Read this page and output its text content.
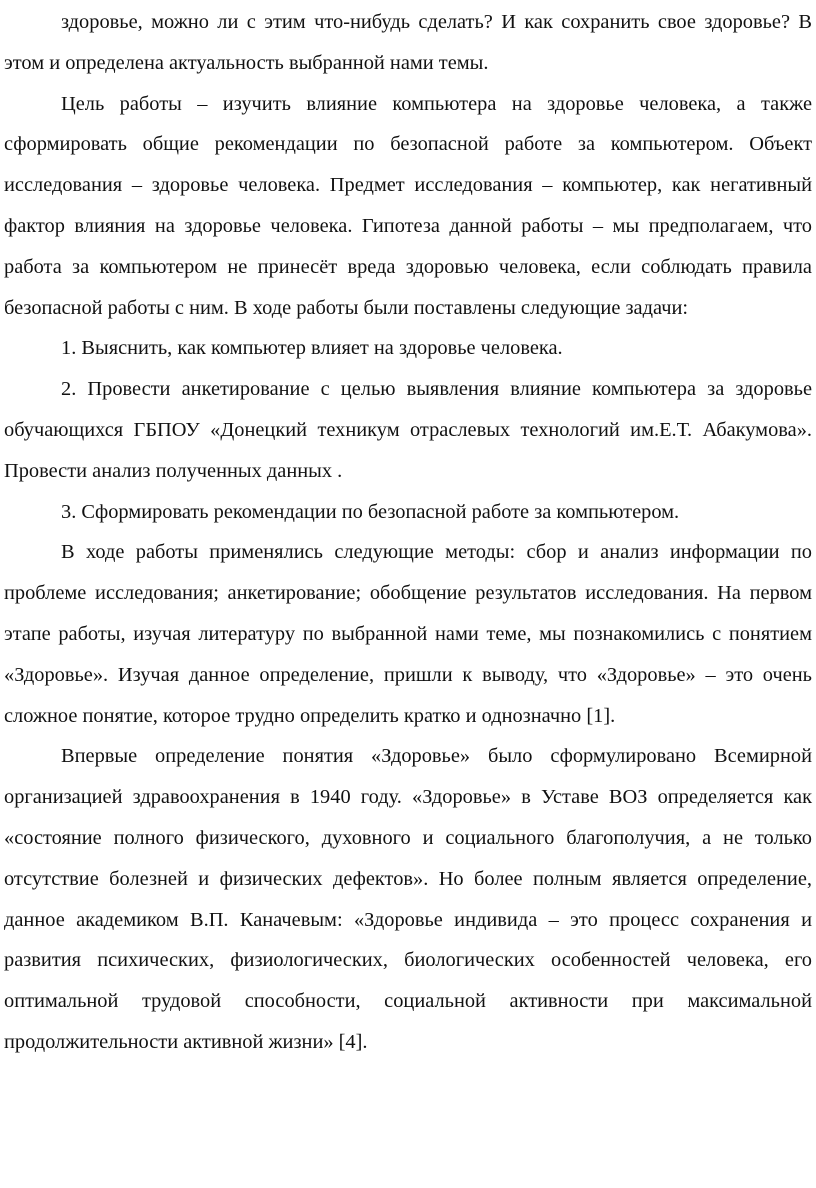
здоровье, можно ли с этим что-нибудь сделать? И как сохранить свое здоровье? В этом и определена актуальность выбранной нами темы.

Цель работы – изучить влияние компьютера на здоровье человека, а также сформировать общие рекомендации по безопасной работе за компьютером. Объект исследования – здоровье человека. Предмет исследования – компьютер, как негативный фактор влияния на здоровье человека. Гипотеза данной работы – мы предполагаем, что работа за компьютером не принесёт вреда здоровью человека, если соблюдать правила безопасной работы с ним. В ходе работы были поставлены следующие задачи:

1. Выяснить, как компьютер влияет на здоровье человека.

2. Провести анкетирование с целью выявления влияние компьютера за здоровье обучающихся ГБПОУ «Донецкий техникум отраслевых технологий им.Е.Т. Абакумова». Провести анализ полученных данных .

3. Сформировать рекомендации по безопасной работе за компьютером.

В ходе работы применялись следующие методы: сбор и анализ информации по проблеме исследования; анкетирование; обобщение результатов исследования. На первом этапе работы, изучая литературу по выбранной нами теме, мы познакомились с понятием «Здоровье». Изучая данное определение, пришли к выводу, что «Здоровье» – это очень сложное понятие, которое трудно определить кратко и однозначно [1].

Впервые определение понятия «Здоровье» было сформулировано Всемирной организацией здравоохранения в 1940 году. «Здоровье» в Уставе ВОЗ определяется как «состояние полного физического, духовного и социального благополучия, а не только отсутствие болезней и физических дефектов». Но более полным является определение, данное академиком В.П. Каначевым: «Здоровье индивида – это процесс сохранения и развития психических, физиологических, биологических особенностей человека, его оптимальной трудовой способности, социальной активности при максимальной продолжительности активной жизни» [4].
